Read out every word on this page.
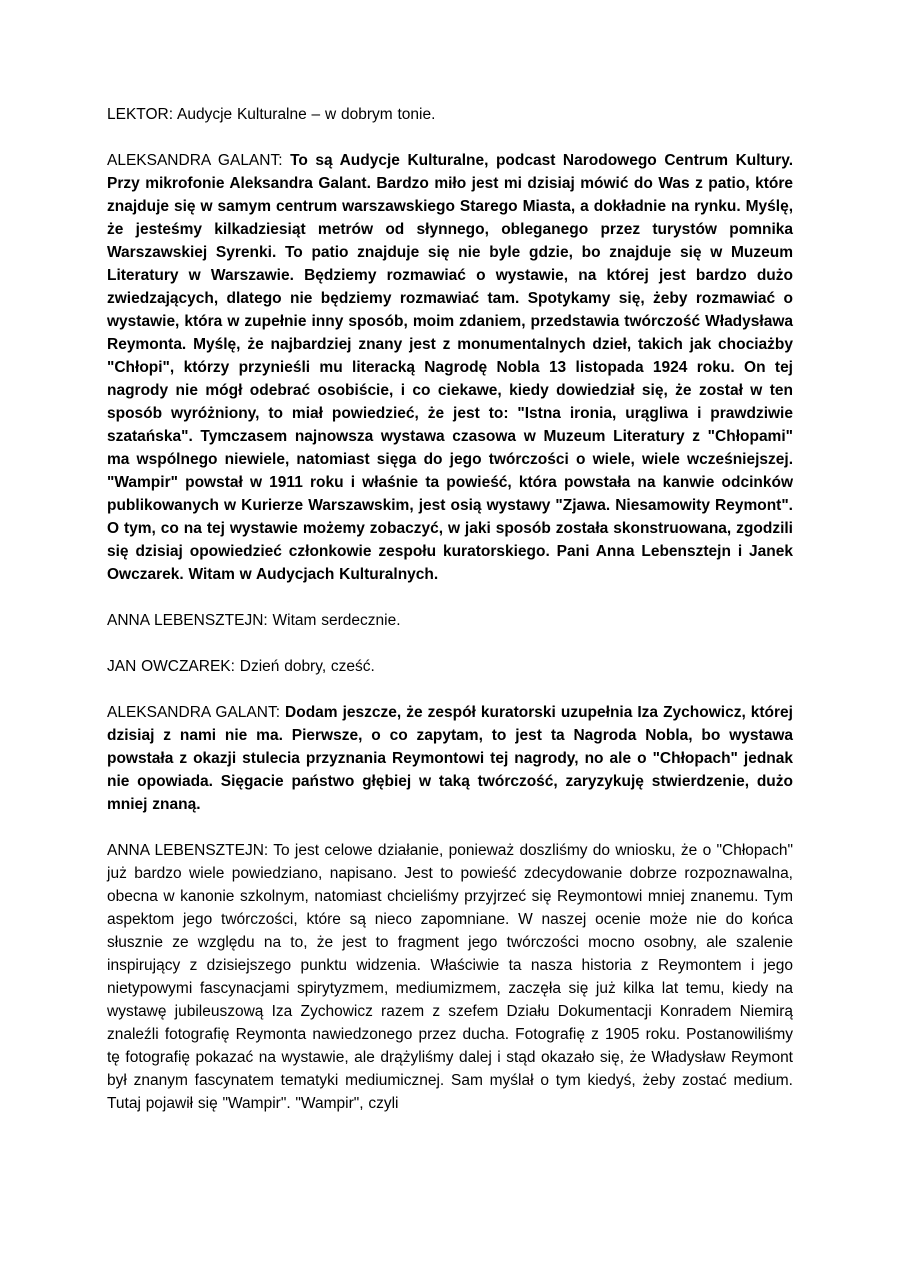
LEKTOR: Audycje Kulturalne – w dobrym tonie.

ALEKSANDRA GALANT: To są Audycje Kulturalne, podcast Narodowego Centrum Kultury. Przy mikrofonie Aleksandra Galant. Bardzo miło jest mi dzisiaj mówić do Was z patio, które znajduje się w samym centrum warszawskiego Starego Miasta, a dokładnie na rynku. Myślę, że jesteśmy kilkadziesiąt metrów od słynnego, obleganego przez turystów pomnika Warszawskiej Syrenki. To patio znajduje się nie byle gdzie, bo znajduje się w Muzeum Literatury w Warszawie. Będziemy rozmawiać o wystawie, na której jest bardzo dużo zwiedzających, dlatego nie będziemy rozmawiać tam. Spotykamy się, żeby rozmawiać o wystawie, która w zupełnie inny sposób, moim zdaniem, przedstawia twórczość Władysława Reymonta. Myślę, że najbardziej znany jest z monumentalnych dzieł, takich jak chociażby "Chłopi", którzy przynieśli mu literacką Nagrodę Nobla 13 listopada 1924 roku. On tej nagrody nie mógł odebrać osobiście, i co ciekawe, kiedy dowiedział się, że został w ten sposób wyróżniony, to miał powiedzieć, że jest to: "Istna ironia, urągliwa i prawdziwie szatańska". Tymczasem najnowsza wystawa czasowa w Muzeum Literatury z "Chłopami" ma wspólnego niewiele, natomiast sięga do jego twórczości o wiele, wiele wcześniejszej. "Wampir" powstał w 1911 roku i właśnie ta powieść, która powstała na kanwie odcinków publikowanych w Kurierze Warszawskim, jest osią wystawy "Zjawa. Niesamowity Reymont". O tym, co na tej wystawie możemy zobaczyć, w jaki sposób została skonstruowana, zgodzili się dzisiaj opowiedzieć członkowie zespołu kuratorskiego. Pani Anna Lebensztejn i Janek Owczarek. Witam w Audycjach Kulturalnych.

ANNA LEBENSZTEJN: Witam serdecznie.

JAN OWCZAREK: Dzień dobry, cześć.

ALEKSANDRA GALANT: Dodam jeszcze, że zespół kuratorski uzupełnia Iza Zychowicz, której dzisiaj z nami nie ma. Pierwsze, o co zapytam, to jest ta Nagroda Nobla, bo wystawa powstała z okazji stulecia przyznania Reymontowi tej nagrody, no ale o "Chłopach" jednak nie opowiada. Sięgacie państwo głębiej w taką twórczość, zaryzykuję stwierdzenie, dużo mniej znaną.

ANNA LEBENSZTEJN: To jest celowe działanie, ponieważ doszliśmy do wniosku, że o "Chłopach" już bardzo wiele powiedziano, napisano. Jest to powieść zdecydowanie dobrze rozpoznawalna, obecna w kanonie szkolnym, natomiast chcieliśmy przyjrzeć się Reymontowi mniej znanemu. Tym aspektom jego twórczości, które są nieco zapomniane. W naszej ocenie może nie do końca słusznie ze względu na to, że jest to fragment jego twórczości mocno osobny, ale szalenie inspirujący z dzisiejszego punktu widzenia. Właściwie ta nasza historia z Reymontem i jego nietypowymi fascynacjami spirytyzmem, mediumizmem, zaczęła się już kilka lat temu, kiedy na wystawę jubileuszową Iza Zychowicz razem z szefem Działu Dokumentacji Konradem Niemirą znaleźli fotografię Reymonta nawiedzonego przez ducha. Fotografię z 1905 roku. Postanowiliśmy tę fotografię pokazać na wystawie, ale drążyliśmy dalej i stąd okazało się, że Władysław Reymont był znanym fascynatem tematyki mediumicznej. Sam myślał o tym kiedyś, żeby zostać medium. Tutaj pojawił się "Wampir". "Wampir", czyli
